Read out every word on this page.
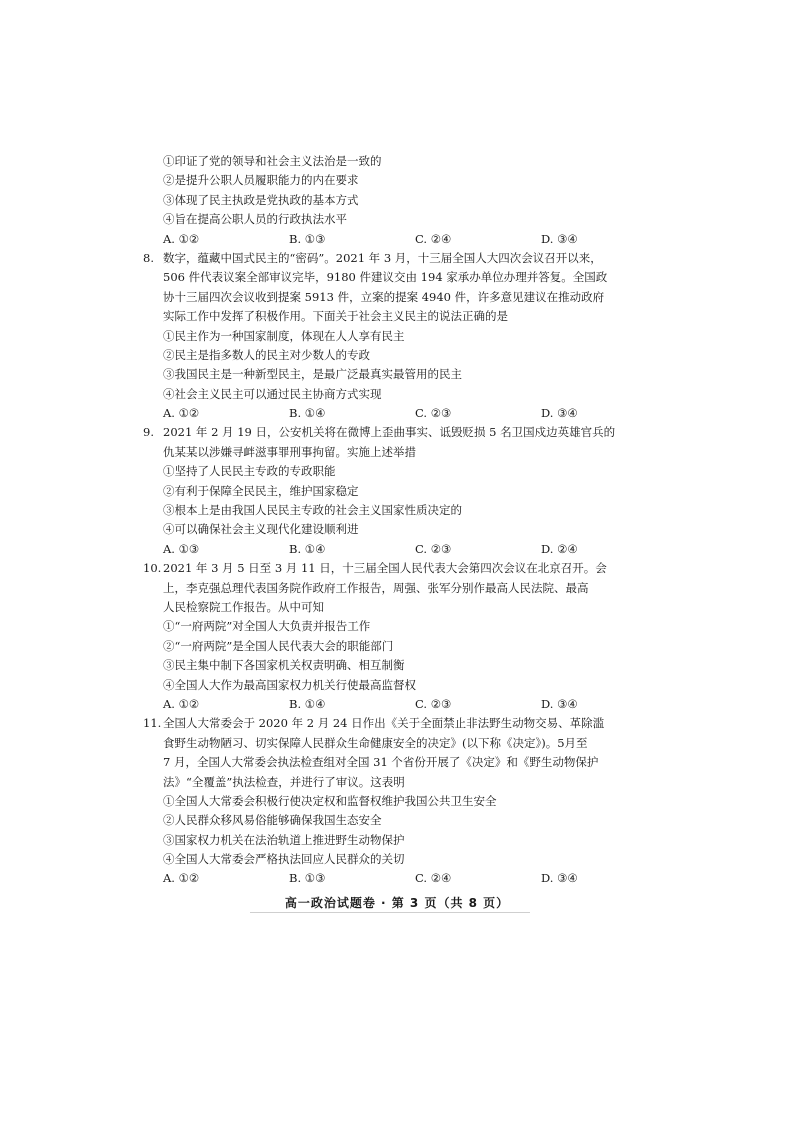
①印证了党的领导和社会主义法治是一致的
②是提升公职人员履职能力的内在要求
③体现了民主执政是党执政的基本方式
④旨在提高公职人员的行政执法水平
A. ①②	B. ①③	C. ②④	D. ③④
8. 数字，蕴藏中国式民主的“密码”。2021 年 3 月，十三届全国人大四次会议召开以来，
506 件代表议案全部审议完毕，9180 件建议交由 194 家承办单位办理并答复。全国政
协十三届四次会议收到提案 5913 件，立案的提案 4940 件，许多意见建议在推动政府
实际工作中发挥了积极作用。下面关于社会主义民主的说法正确的是
①民主作为一种国家制度，体现在人人享有民主
②民主是指多数人的民主对少数人的专政
③我国民主是一种新型民主，是最广泛最真实最管用的民主
④社会主义民主可以通过民主协商方式实现
A. ①②	B. ①④	C. ②③	D. ③④
9. 2021 年 2 月 19 日，公安机关将在微博上歪曲事实、诋毁贬损 5 名卫国戍边英雄官兵的
仇某某以涉嫌寻衅滋事罪刑事拘留。实施上述举措
①坚持了人民民主专政的专政职能
②有利于保障全民民主，维护国家稳定
③根本上是由我国人民民主专政的社会主义国家性质决定的
④可以确保社会主义现代化建设顺利进
A. ①③	B. ①④	C. ②③	D. ②④
10. 2021 年 3 月 5 日至 3 月 11 日，十三届全国人民代表大会第四次会议在北京召开。会
上，李克强总理代表国务院作政府工作报告，周强、张军分别作最高人民法院、最高
人民检察院工作报告。从中可知
①“一府两院”对全国人大负责并报告工作
②“一府两院”是全国人民代表大会的职能部门
③民主集中制下各国家机关权责明确、相互制衡
④全国人大作为最高国家权力机关行使最高监督权
A. ①②	B. ①④	C. ②③	D. ③④
11. 全国人大常委会于 2020 年 2 月 24 日作出《关于全面禁止非法野生动物交易、革除滥
食野生动物陋习、切实保障人民群众生命健康安全的决定》(以下称《决定》)。5月至
7 月，全国人大常委会执法检查组对全国 31 个省份开展了《决定》和《野生动物保护
法》“全覆盖”执法检查，并进行了审议。这表明
①全国人大常委会积极行使决定权和监督权维护我国公共卫生安全
②人民群众移风易俗能够确保我国生态安全
③国家权力机关在法治轨道上推进野生动物保护
④全国人大常委会严格执法回应人民群众的关切
A. ①②	B. ①③	C. ②④	D. ③④
高一政治试题卷 · 第 3 页（共 8 页）
